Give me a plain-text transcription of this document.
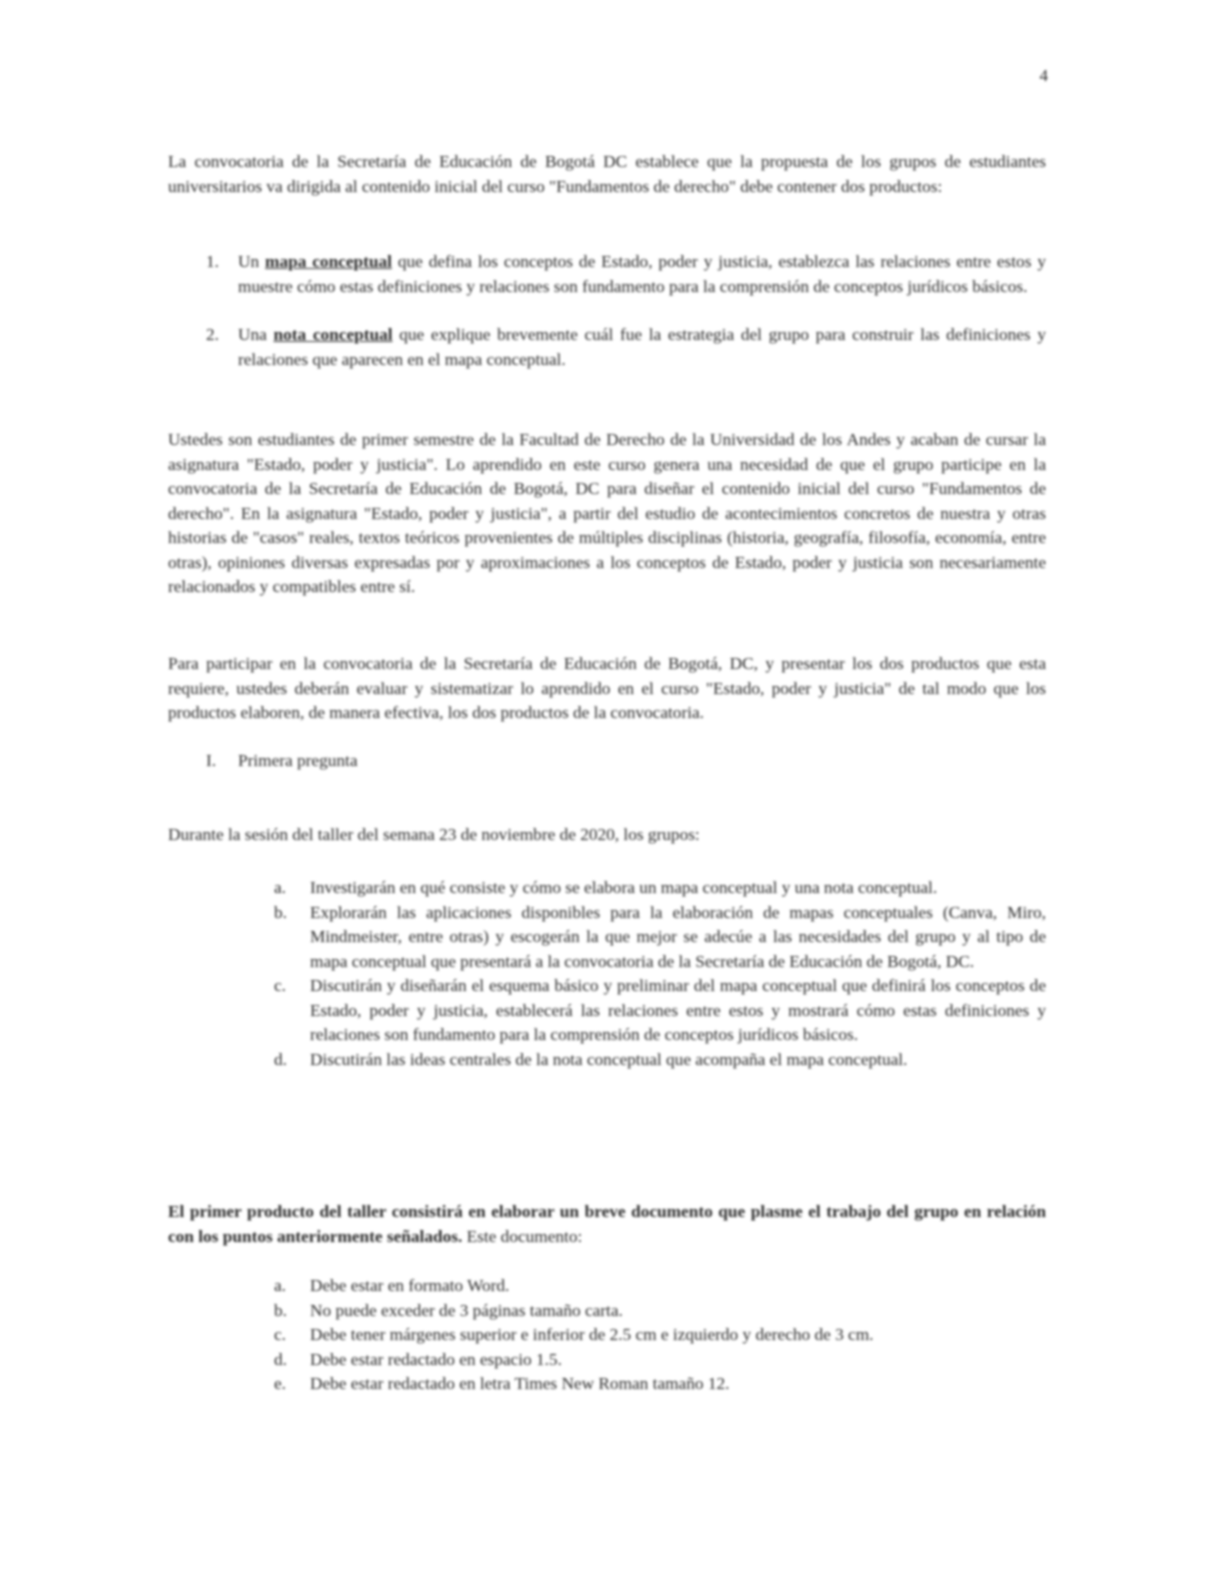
4

La convocatoria de la Secretaría de Educación de Bogotá DC establece que la propuesta de los grupos de estudiantes universitarios va dirigida al contenido inicial del curso "Fundamentos de derecho" debe contener dos productos:

1.	Un mapa conceptual que defina los conceptos de Estado, poder y justicia, establezca las relaciones entre estos y muestre cómo estas definiciones y relaciones son fundamento para la comprensión de conceptos jurídicos básicos.
2.	Una nota conceptual que explique brevemente cuál fue la estrategia del grupo para construir las definiciones y relaciones que aparecen en el mapa conceptual.

Ustedes son estudiantes de primer semestre de la Facultad de Derecho de la Universidad de los Andes y acaban de cursar la asignatura "Estado, poder y justicia". Lo aprendido en este curso genera una necesidad de que el grupo participe en la convocatoria de la Secretaría de Educación de Bogotá, DC para diseñar el contenido inicial del curso "Fundamentos de derecho". En la asignatura "Estado, poder y justicia", a partir del estudio de acontecimientos concretos de nuestra y otras historias de "casos" reales, textos teóricos provenientes de múltiples disciplinas (historia, geografía, filosofía, economía, entre otras), opiniones diversas expresadas por y aproximaciones a los conceptos de Estado, poder y justicia son necesariamente relacionados y compatibles entre sí.

Para participar en la convocatoria de la Secretaría de Educación de Bogotá, DC, y presentar los dos productos que esta requiere, ustedes deberán evaluar y sistematizar lo aprendido en el curso "Estado, poder y justicia" de tal modo que los productos elaboren, de manera efectiva, los dos productos de la convocatoria.

I.	Primera pregunta

Durante la sesión del taller del semana 23 de noviembre de 2020, los grupos:

a.	Investigarán en qué consiste y cómo se elabora un mapa conceptual y una nota conceptual.
b.	Explorarán las aplicaciones disponibles para la elaboración de mapas conceptuales (Canva, Miro, Mindmeister, entre otras) y escogerán la que mejor se adecúe a las necesidades del grupo y al tipo de mapa conceptual que presentará a la convocatoria de la Secretaría de Educación de Bogotá, DC.
c.	Discutirán y diseñarán el esquema básico y preliminar del mapa conceptual que definirá los conceptos de Estado, poder y justicia, establecerá las relaciones entre estos y mostrará cómo estas definiciones y relaciones son fundamento para la comprensión de conceptos jurídicos básicos.
d.	Discutirán las ideas centrales de la nota conceptual que acompaña el mapa conceptual.

El primer producto del taller consistirá en elaborar un breve documento que plasme el trabajo del grupo en relación con los puntos anteriormente señalados. Este documento:

a.	Debe estar en formato Word.
b.	No puede exceder de 3 páginas tamaño carta.
c.	Debe tener márgenes superior e inferior de 2.5 cm e izquierdo y derecho de 3 cm.
d.	Debe estar redactado en espacio 1.5.
e.	Debe estar redactado en letra Times New Roman tamaño 12.
